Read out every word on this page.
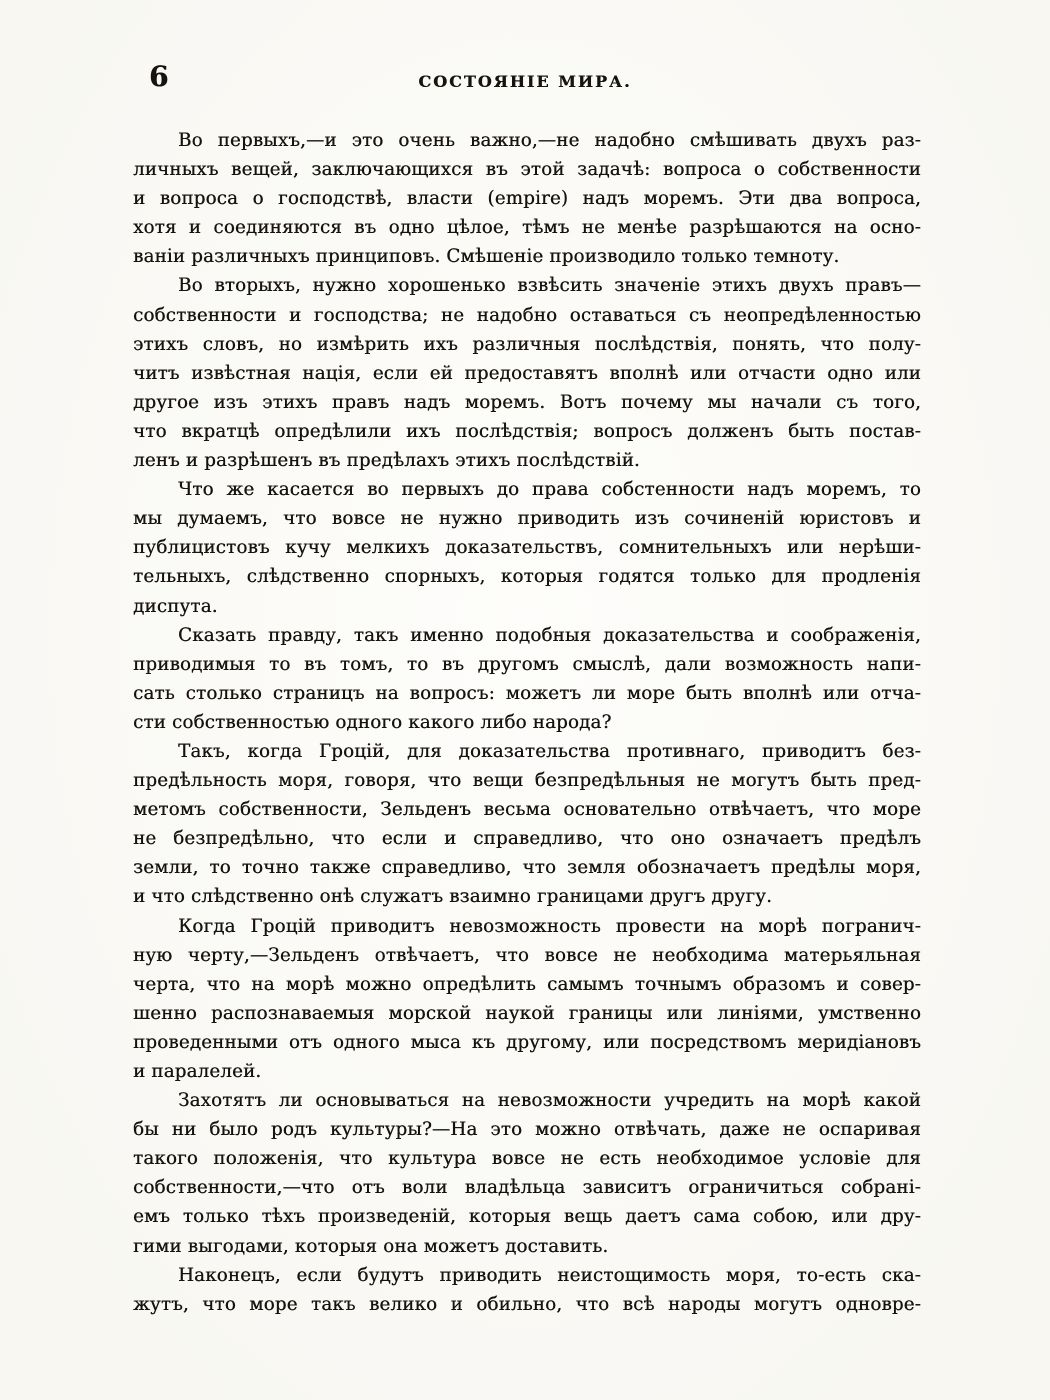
6	СОСТОЯНІЕ МИРА.
Во первыхъ,—и это очень важно,—не надобно смѣшивать двухъ раз-
личныхъ вещей, заключающихся въ этой задачѣ: вопроса о собственности
и вопроса о господствѣ, власти (empire) надъ моремъ. Эти два вопроса,
хотя и соединяются въ одно цѣлое, тѣмъ не менѣе разрѣшаются на осно-
ваніи различныхъ принциповъ. Смѣшеніе производило только темноту.
Во вторыхъ, нужно хорошенько взвѣсить значеніе этихъ двухъ правъ—
собственности и господства; не надобно оставаться съ неопредѣленностью
этихъ словъ, но измѣрить ихъ различныя послѣдствія, понять, что полу-
читъ извѣстная нація, если ей предоставятъ вполнѣ или отчасти одно или
другое изъ этихъ правъ надъ моремъ. Вотъ почему мы начали съ того,
что вкратцѣ опредѣлили ихъ послѣдствія; вопросъ долженъ быть постав-
ленъ и разрѣшенъ въ предѣлахъ этихъ послѣдствій.
Что же касается во первыхъ до права собстенности надъ моремъ, то
мы думаемъ, что вовсе не нужно приводить изъ сочиненій юристовъ и
публицистовъ кучу мелкихъ доказательствъ, сомнительныхъ или нерѣши-
тельныхъ, слѣдственно спорныхъ, которыя годятся только для продленія
диспута.
Сказать правду, такъ именно подобныя доказательства и соображенія,
приводимыя то въ томъ, то въ другомъ смыслѣ, дали возможность напи-
сать столько страницъ на вопросъ: можетъ ли море быть вполнѣ или отча-
сти собственностью одного какого либо народа?
Такъ, когда Гроцій, для доказательства противнаго, приводитъ без-
предѣльность моря, говоря, что вещи безпредѣльныя не могутъ быть пред-
метомъ собственности, Зельденъ весьма основательно отвѣчаетъ, что море
не безпредѣльно, что если и справедливо, что оно означаетъ предѣлъ
земли, то точно также справедливо, что земля обозначаетъ предѣлы моря,
и что слѣдственно онѣ служатъ взаимно границами другъ другу.
Когда Гроцій приводитъ невозможность провести на морѣ погранич-
ную черту,—Зельденъ отвѣчаетъ, что вовсе не необходима матерьяльная
черта, что на морѣ можно опредѣлить самымъ точнымъ образомъ и совер-
шенно распознаваемыя морской наукой границы или линіями, умственно
проведенными отъ одного мыса къ другому, или посредствомъ меридіановъ
и паралелей.
Захотятъ ли основываться на невозможности учредить на морѣ какой
бы ни было родъ культуры?—На это можно отвѣчать, даже не оспаривая
такого положенія, что культура вовсе не есть необходимое условіе для
собственности,—что отъ воли владѣльца зависитъ ограничиться собрані-
емъ только тѣхъ произведеній, которыя вещь даетъ сама собою, или дру-
гими выгодами, которыя она можетъ доставить.
Наконецъ, если будутъ приводить неистощимость моря, то-есть ска-
жутъ, что море такъ велико и обильно, что всѣ народы могутъ одновре-
